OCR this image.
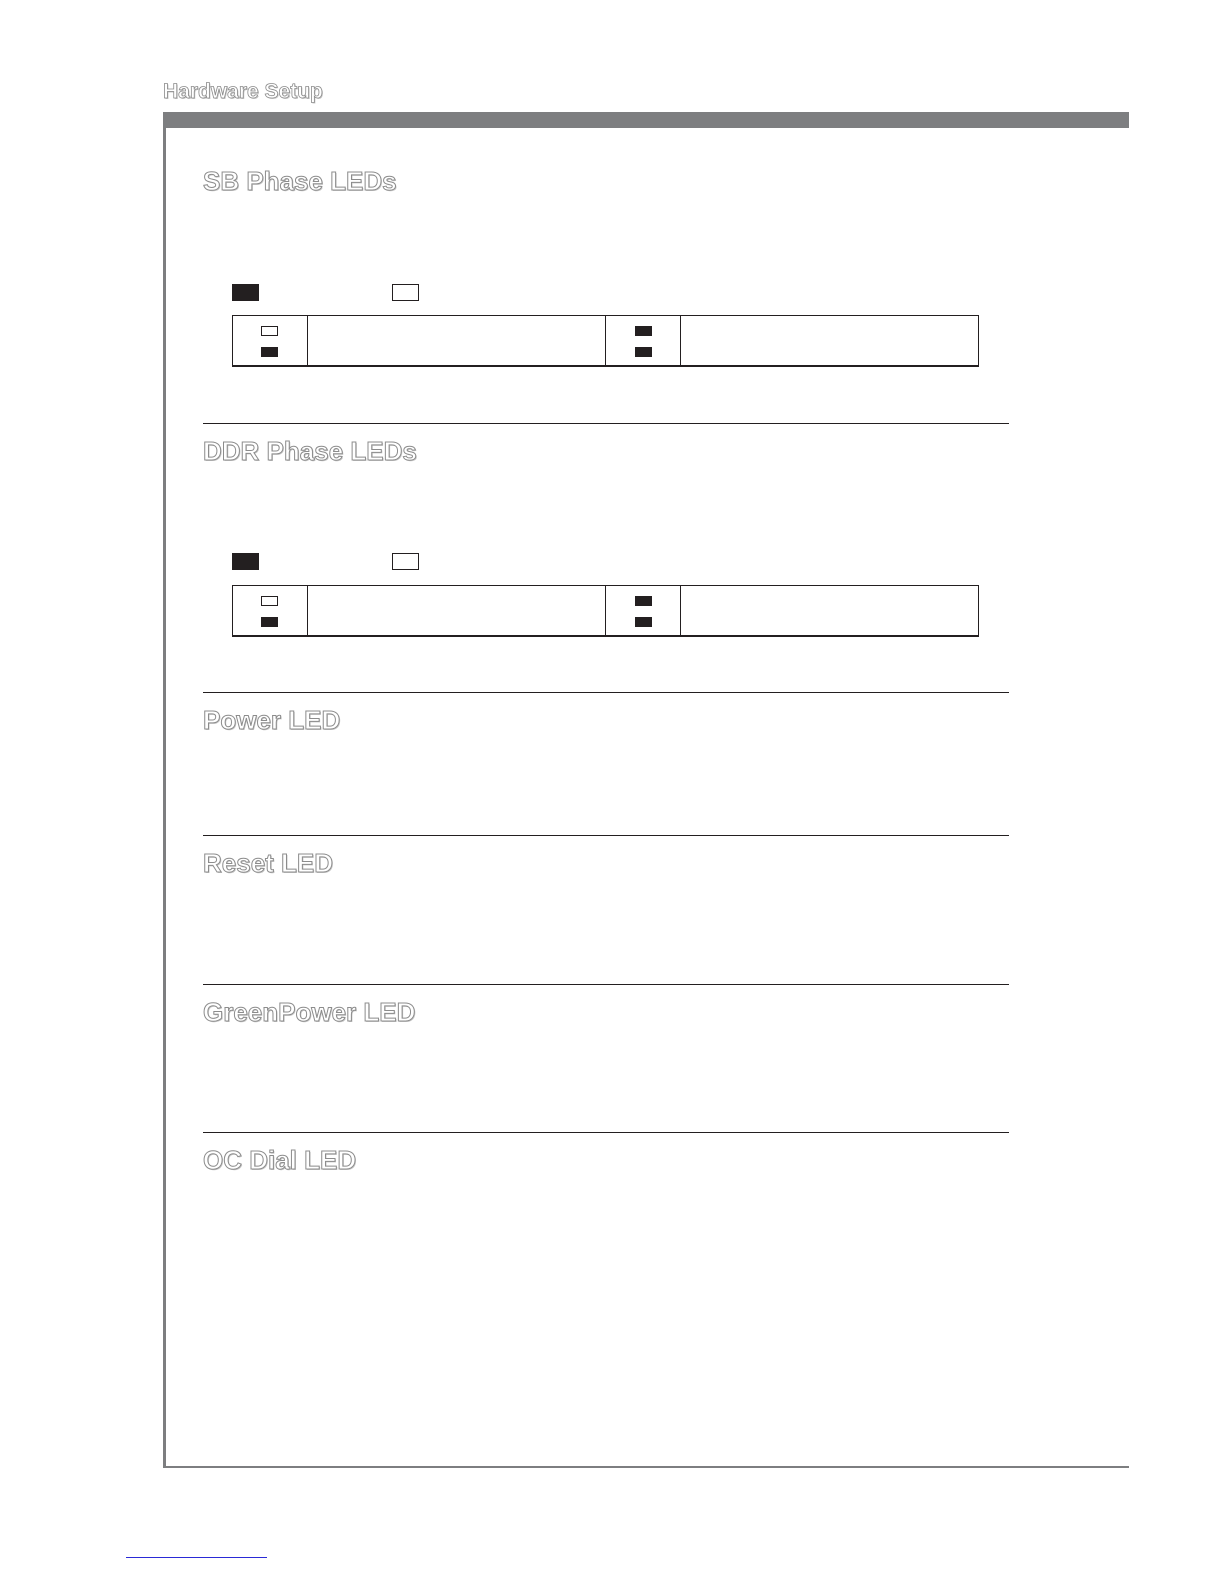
Hardware Setup
SB Phase LEDs
DDR Phase LEDs
Power LED
Reset LED
GreenPower LED
OC Dial LED
